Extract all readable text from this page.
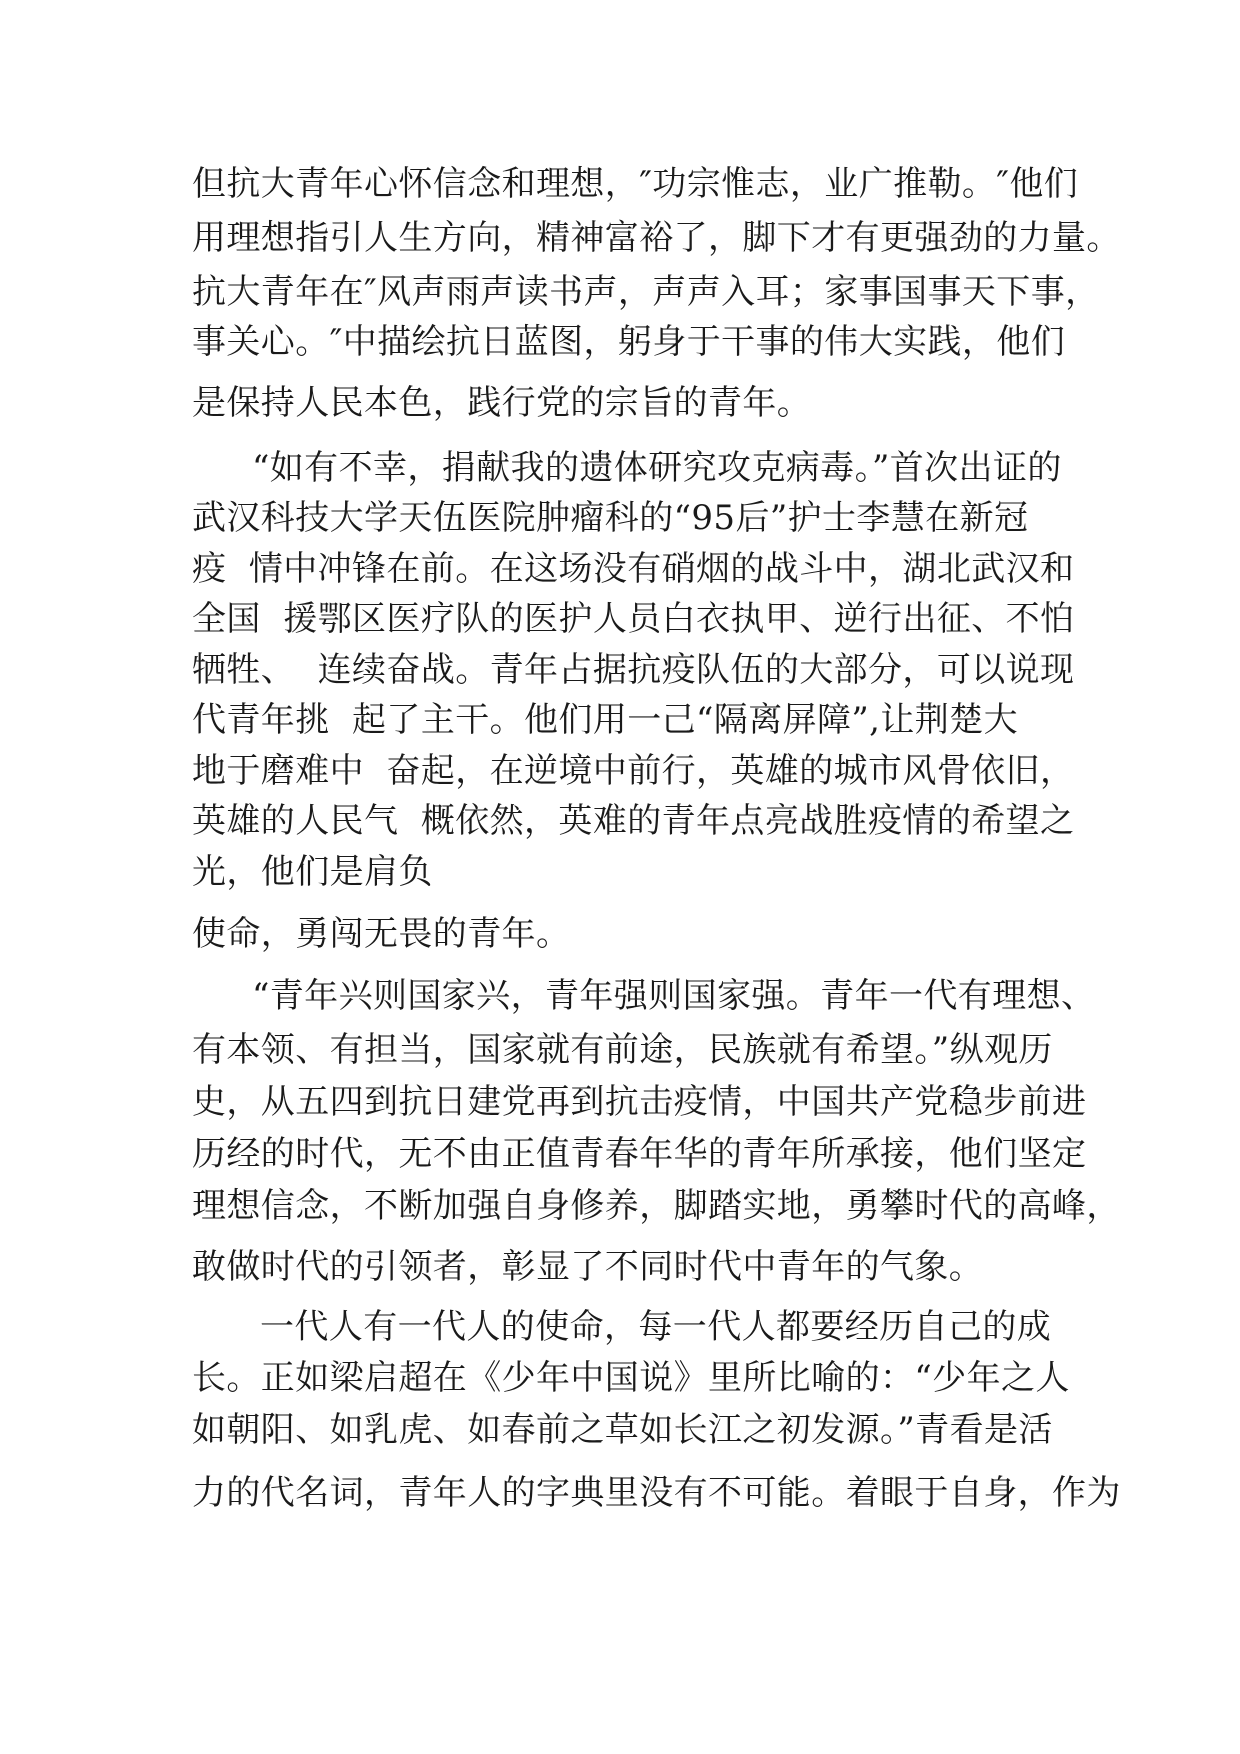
但抗大青年心怀信念和理想，″功宗惟志，业广推勒。″他们
用理想指引人生方向，精神富裕了，脚下才有更强劲的力量。
抗大青年在″风声雨声读书声，声声入耳；家事国事天下事，
事关心。″中描绘抗日蓝图，躬身于干事的伟大实践，他们
是保持人民本色，践行党的宗旨的青年。
“如有不幸，捐献我的遗体研究攻克病毒。”首次出证的
武汉科技大学天伍医院肿瘤科的“95后”护士李慧在新冠
疫  情中冲锋在前。在这场没有硝烟的战斗中，湖北武汉和
全国  援鄂区医疗队的医护人员白衣执甲、逆行出征、不怕
牺牲、  连续奋战。青年占据抗疫队伍的大部分，可以说现
代青年挑  起了主干。他们用一己“隔离屏障”,让荆楚大
地于磨难中  奋起，在逆境中前行，英雄的城市风骨依旧，
英雄的人民气  概依然，英难的青年点亮战胜疫情的希望之
光，他们是肩负
使命，勇闯无畏的青年。
“青年兴则国家兴，青年强则国家强。青年一代有理想、
有本领、有担当，国家就有前途，民族就有希望。”纵观历
史，从五四到抗日建党再到抗击疫情，中国共产党稳步前进
历经的时代，无不由正值青春年华的青年所承接，他们坚定
理想信念，不断加强自身修养，脚踏实地，勇攀时代的高峰，
敢做时代的引领者，彰显了不同时代中青年的气象。
一代人有一代人的使命，每一代人都要经历自己的成
长。正如梁启超在《少年中国说》里所比喻的：“少年之人
如朝阳、如乳虎、如春前之草如长江之初发源。”青看是活
力的代名词，青年人的字典里没有不可能。着眼于自身，作为
